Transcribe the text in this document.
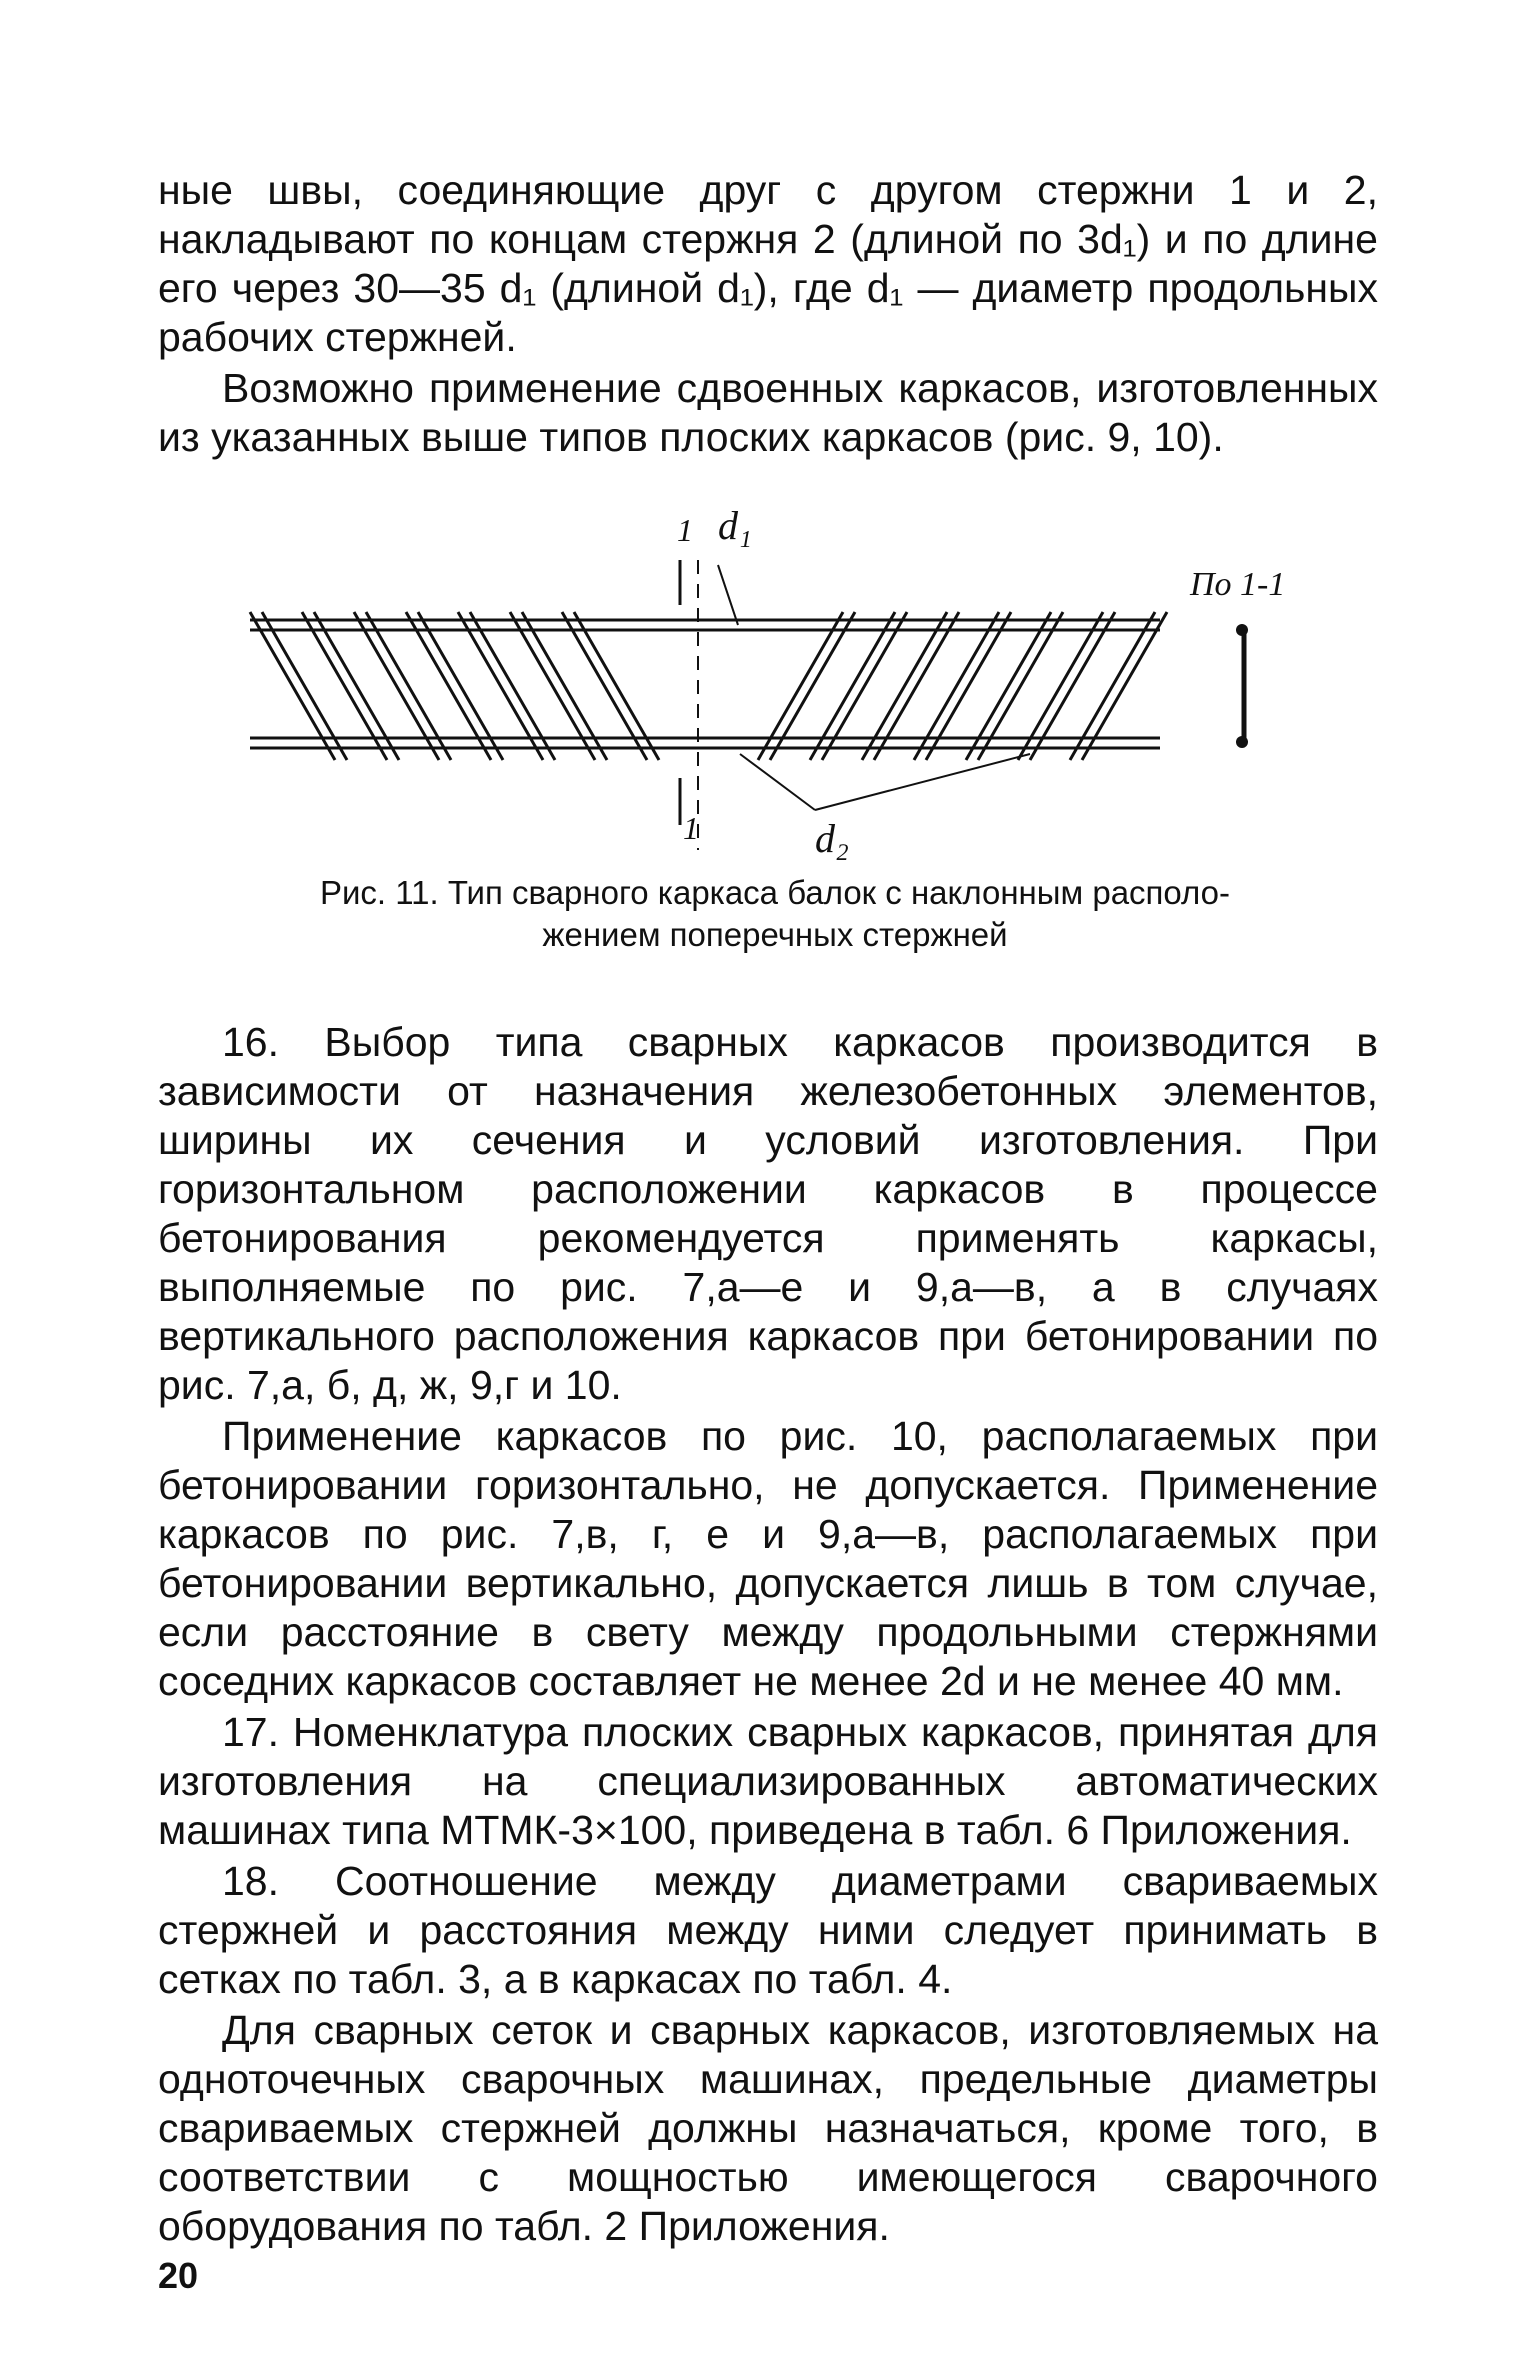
ные швы, соединяющие друг с другом стержни 1 и 2, накладывают по концам стержня 2 (длиной по 3d₁) и по длине его через 30—35 d₁ (длиной d₁), где d₁ — диаметр продольных рабочих стержней.

Возможно применение сдвоенных каркасов, изготовленных из указанных выше типов плоских каркасов (рис. 9, 10).

1 d₁
1	d₂
По 1-1
Рис. 11. Тип сварного каркаса балок с наклонным располо-
жением поперечных стержней

16. Выбор типа сварных каркасов производится в зависимости от назначения железобетонных элементов, ширины их сечения и условий изготовления. При горизонтальном расположении каркасов в процессе бетонирования рекомендуется применять каркасы, выполняемые по рис. 7,а—е и 9,а—в, а в случаях вертикального расположения каркасов при бетонировании по рис. 7,а, б, д, ж, 9,г и 10.

Применение каркасов по рис. 10, располагаемых при бетонировании горизонтально, не допускается. Применение каркасов по рис. 7,в, г, е и 9,а—в, располагаемых при бетонировании вертикально, допускается лишь в том случае, если расстояние в свету между продольными стержнями соседних каркасов составляет не менее 2d и не менее 40 мм.

17. Номенклатура плоских сварных каркасов, принятая для изготовления на специализированных автоматических машинах типа МТМК-3×100, приведена в табл. 6 Приложения.

18. Соотношение между диаметрами свариваемых стержней и расстояния между ними следует принимать в сетках по табл. 3, а в каркасах по табл. 4.

Для сварных сеток и сварных каркасов, изготовляемых на одноточечных сварочных машинах, предельные диаметры свариваемых стержней должны назначаться, кроме того, в соответствии с мощностью имеющегося сварочного оборудования по табл. 2 Приложения.

20
